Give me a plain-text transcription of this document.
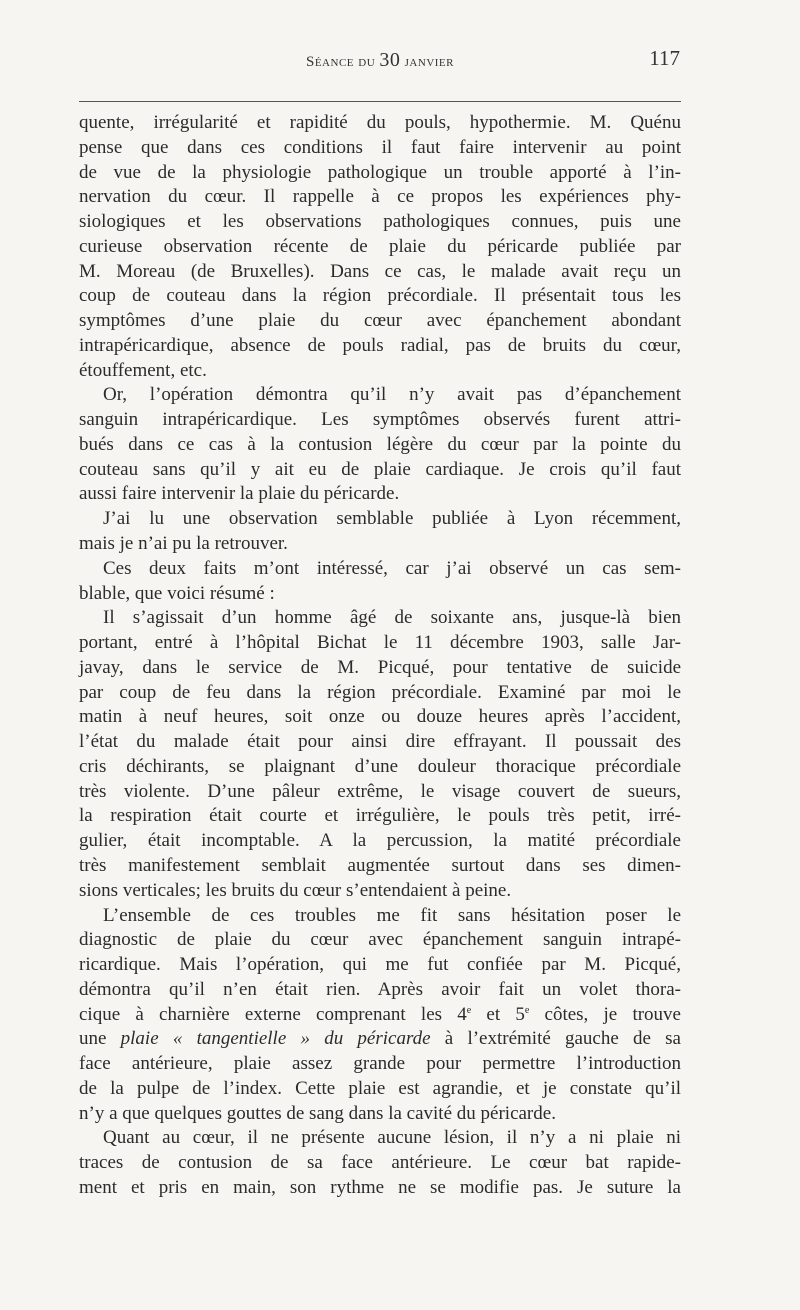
Séance du 30 janvier	117
quente, irrégularité et rapidité du pouls, hypothermie. M. Quénu
pense que dans ces conditions il faut faire intervenir au point
de vue de la physiologie pathologique un trouble apporté à l’in-
nervation du cœur. Il rappelle à ce propos les expériences phy-
siologiques et les observations pathologiques connues, puis une
curieuse observation récente de plaie du péricarde publiée par
M. Moreau (de Bruxelles). Dans ce cas, le malade avait reçu un
coup de couteau dans la région précordiale. Il présentait tous les
symptômes d’une plaie du cœur avec épanchement abondant
intrapéricardique, absence de pouls radial, pas de bruits du cœur,
étouffement, etc.
Or, l’opération démontra qu’il n’y avait pas d’épanchement
sanguin intrapéricardique. Les symptômes observés furent attri-
bués dans ce cas à la contusion légère du cœur par la pointe du
couteau sans qu’il y ait eu de plaie cardiaque. Je crois qu’il faut
aussi faire intervenir la plaie du péricarde.
J’ai lu une observation semblable publiée à Lyon récemment,
mais je n’ai pu la retrouver.
Ces deux faits m’ont intéressé, car j’ai observé un cas sem-
blable, que voici résumé :
Il s’agissait d’un homme âgé de soixante ans, jusque-là bien
portant, entré à l’hôpital Bichat le 11 décembre 1903, salle Jar-
javay, dans le service de M. Picqué, pour tentative de suicide
par coup de feu dans la région précordiale. Examiné par moi le
matin à neuf heures, soit onze ou douze heures après l’accident,
l’état du malade était pour ainsi dire effrayant. Il poussait des
cris déchirants, se plaignant d’une douleur thoracique précordiale
très violente. D’une pâleur extrême, le visage couvert de sueurs,
la respiration était courte et irrégulière, le pouls très petit, irré-
gulier, était incomptable. A la percussion, la matité précordiale
très manifestement semblait augmentée surtout dans ses dimen-
sions verticales; les bruits du cœur s’entendaient à peine.
L’ensemble de ces troubles me fit sans hésitation poser le
diagnostic de plaie du cœur avec épanchement sanguin intrapé-
ricardique. Mais l’opération, qui me fut confiée par M. Picqué,
démontra qu’il n’en était rien. Après avoir fait un volet thora-
cique à charnière externe comprenant les 4e et 5e côtes, je trouve
une plaie « tangentielle » du péricarde à l’extrémité gauche de sa
face antérieure, plaie assez grande pour permettre l’introduction
de la pulpe de l’index. Cette plaie est agrandie, et je constate qu’il
n’y a que quelques gouttes de sang dans la cavité du péricarde.
Quant au cœur, il ne présente aucune lésion, il n’y a ni plaie ni
traces de contusion de sa face antérieure. Le cœur bat rapide-
ment et pris en main, son rythme ne se modifie pas. Je suture la
